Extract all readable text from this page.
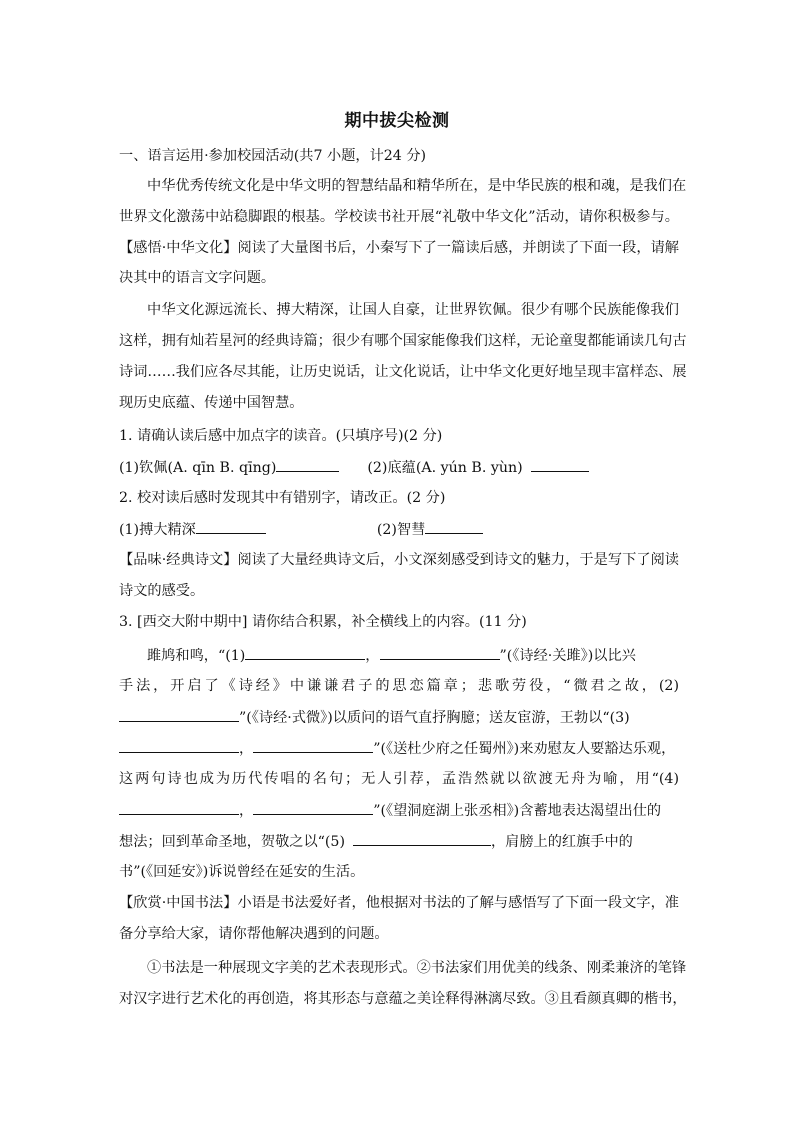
期中拔尖检测
一、语言运用·参加校园活动(共7 小题，计24 分)
中华优秀传统文化是中华文明的智慧结晶和精华所在，是中华民族的根和魂，是我们在
世界文化激荡中站稳脚跟的根基。学校读书社开展“礼敬中华文化”活动，请你积极参与。
【感悟·中华文化】阅读了大量图书后，小秦写下了一篇读后感，并朗读了下面一段，请解
决其中的语言文字问题。
中华文化源远流长、搏大精深，让国人自豪，让世界钦佩。很少有哪个民族能像我们
这样，拥有灿若星河的经典诗篇；很少有哪个国家能像我们这样，无论童叟都能诵读几句古
诗词……我们应各尽其能，让历史说话，让文化说话，让中华文化更好地呈现丰富样态、展
现历史底蕴、传递中国智慧。
1. 请确认读后感中加点字的读音。(只填序号)(2 分)
(1)钦佩(A. qīn B. qīng)	(2)底蕴(A. yún B. yùn)
2. 校对读后感时发现其中有错别字，请改正。(2 分)
(1)搏大精深	(2)智彗
【品味·经典诗文】阅读了大量经典诗文后，小文深刻感受到诗文的魅力，于是写下了阅读
诗文的感受。
3. [西交大附中期中] 请你结合积累，补全横线上的内容。(11 分)
雎鸠和鸣，“(1)	，	”(《诗经·关雎》)以比兴
手法，开启了《诗经》中谦谦君子的思恋篇章；悲歌劳役，“微君之故，(2)
”(《诗经·式微》)以质问的语气直抒胸臆；送友宦游，王勃以“(3)
，	”(《送杜少府之任蜀州》)来劝慰友人要豁达乐观，
这两句诗也成为历代传唱的名句；无人引荐，孟浩然就以欲渡无舟为喻，用“(4)
，	”(《望洞庭湖上张丞相》)含蓄地表达渴望出仕的
想法；回到革命圣地，贺敬之以“(5)	，肩膀上的红旗手中的
书”(《回延安》)诉说曾经在延安的生活。
【欣赏·中国书法】小语是书法爱好者，他根据对书法的了解与感悟写了下面一段文字，准
备分享给大家，请你帮他解决遇到的问题。
①书法是一种展现文字美的艺术表现形式。②书法家们用优美的线条、刚柔兼济的笔锋
对汉字进行艺术化的再创造，将其形态与意蕴之美诠释得淋漓尽致。③且看颜真卿的楷书，
